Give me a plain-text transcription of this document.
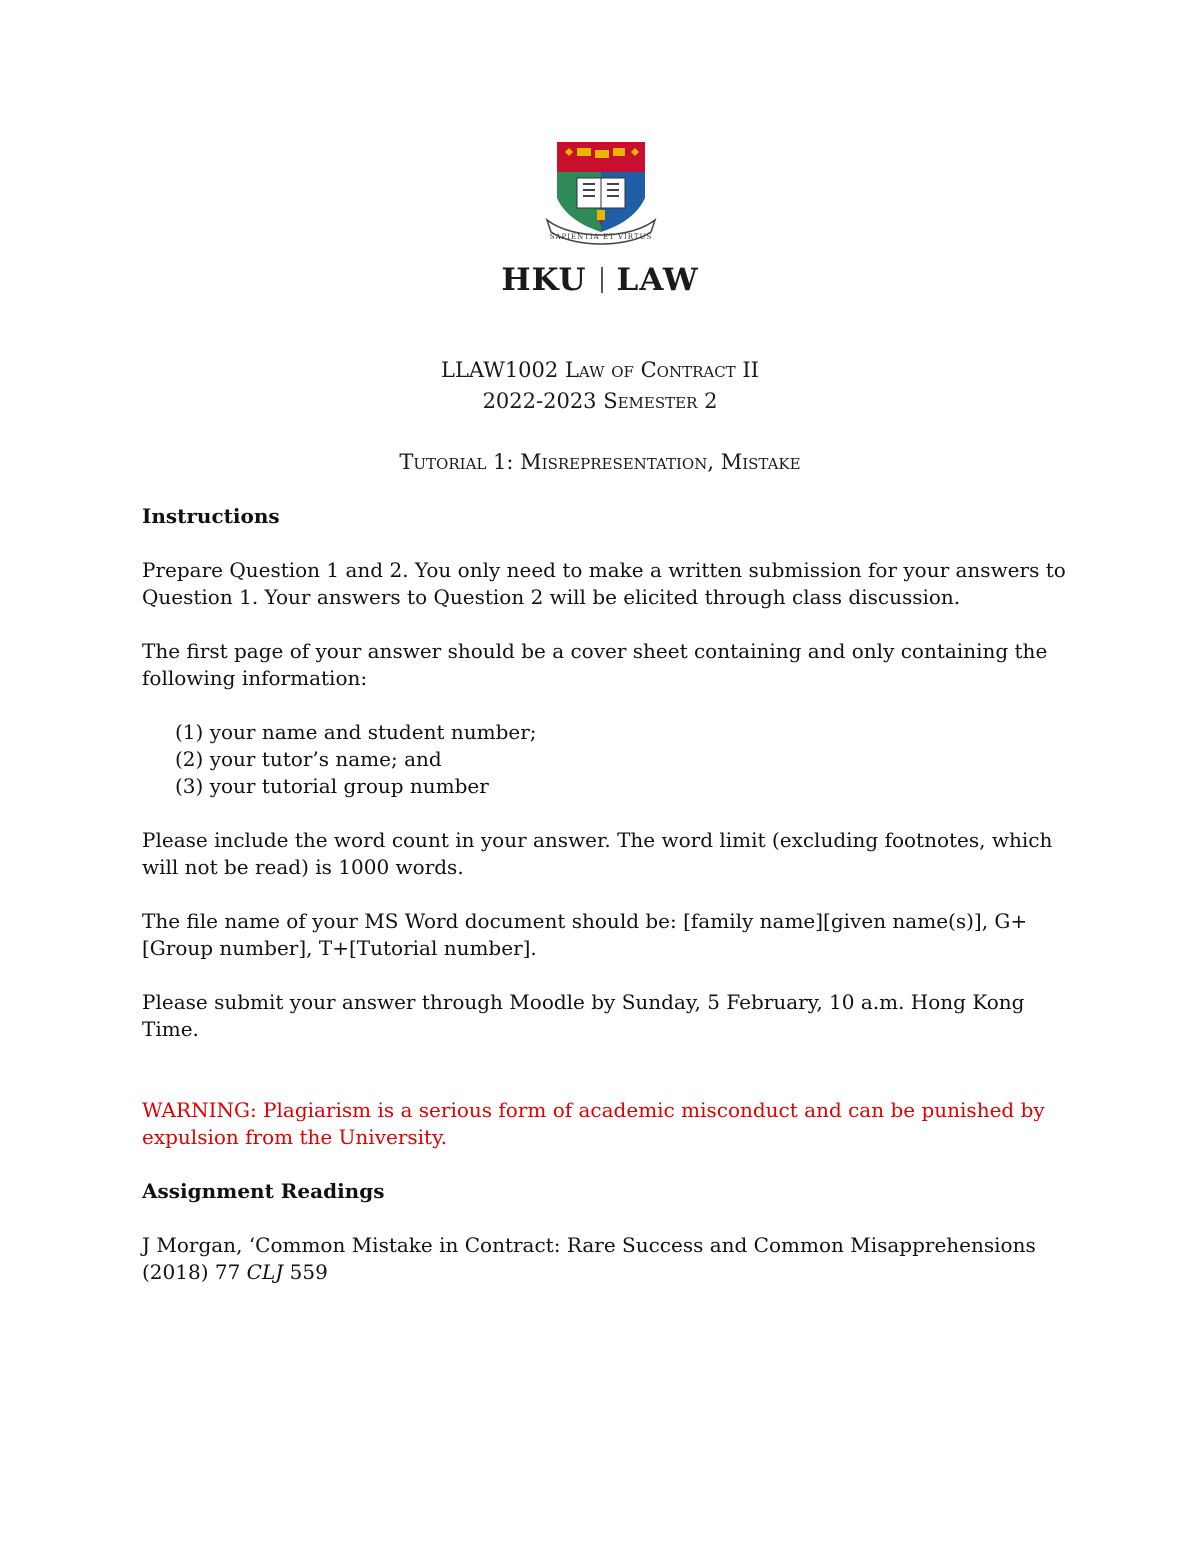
SAPIENTIA ET VIRTUS
HKU LAW
LLAW1002 Law of Contract II
2022-2023 Semester 2
Tutorial 1: Misrepresentation, Mistake
Instructions

Prepare Question 1 and 2. You only need to make a written submission for your answers to Question 1. Your answers to Question 2 will be elicited through class discussion.

The first page of your answer should be a cover sheet containing and only containing the following information:

(1) your name and student number;
(2) your tutor’s name; and
(3) your tutorial group number

Please include the word count in your answer. The word limit (excluding footnotes, which will not be read) is 1000 words.

The file name of your MS Word document should be: [family name][given name(s)], G+[Group number], T+[Tutorial number].

Please submit your answer through Moodle by Sunday, 5 February, 10 a.m. Hong Kong Time.

WARNING: Plagiarism is a serious form of academic misconduct and can be punished by expulsion from the University.

Assignment Readings

J Morgan, ‘Common Mistake in Contract: Rare Success and Common Misapprehensions (2018) 77 CLJ 559
